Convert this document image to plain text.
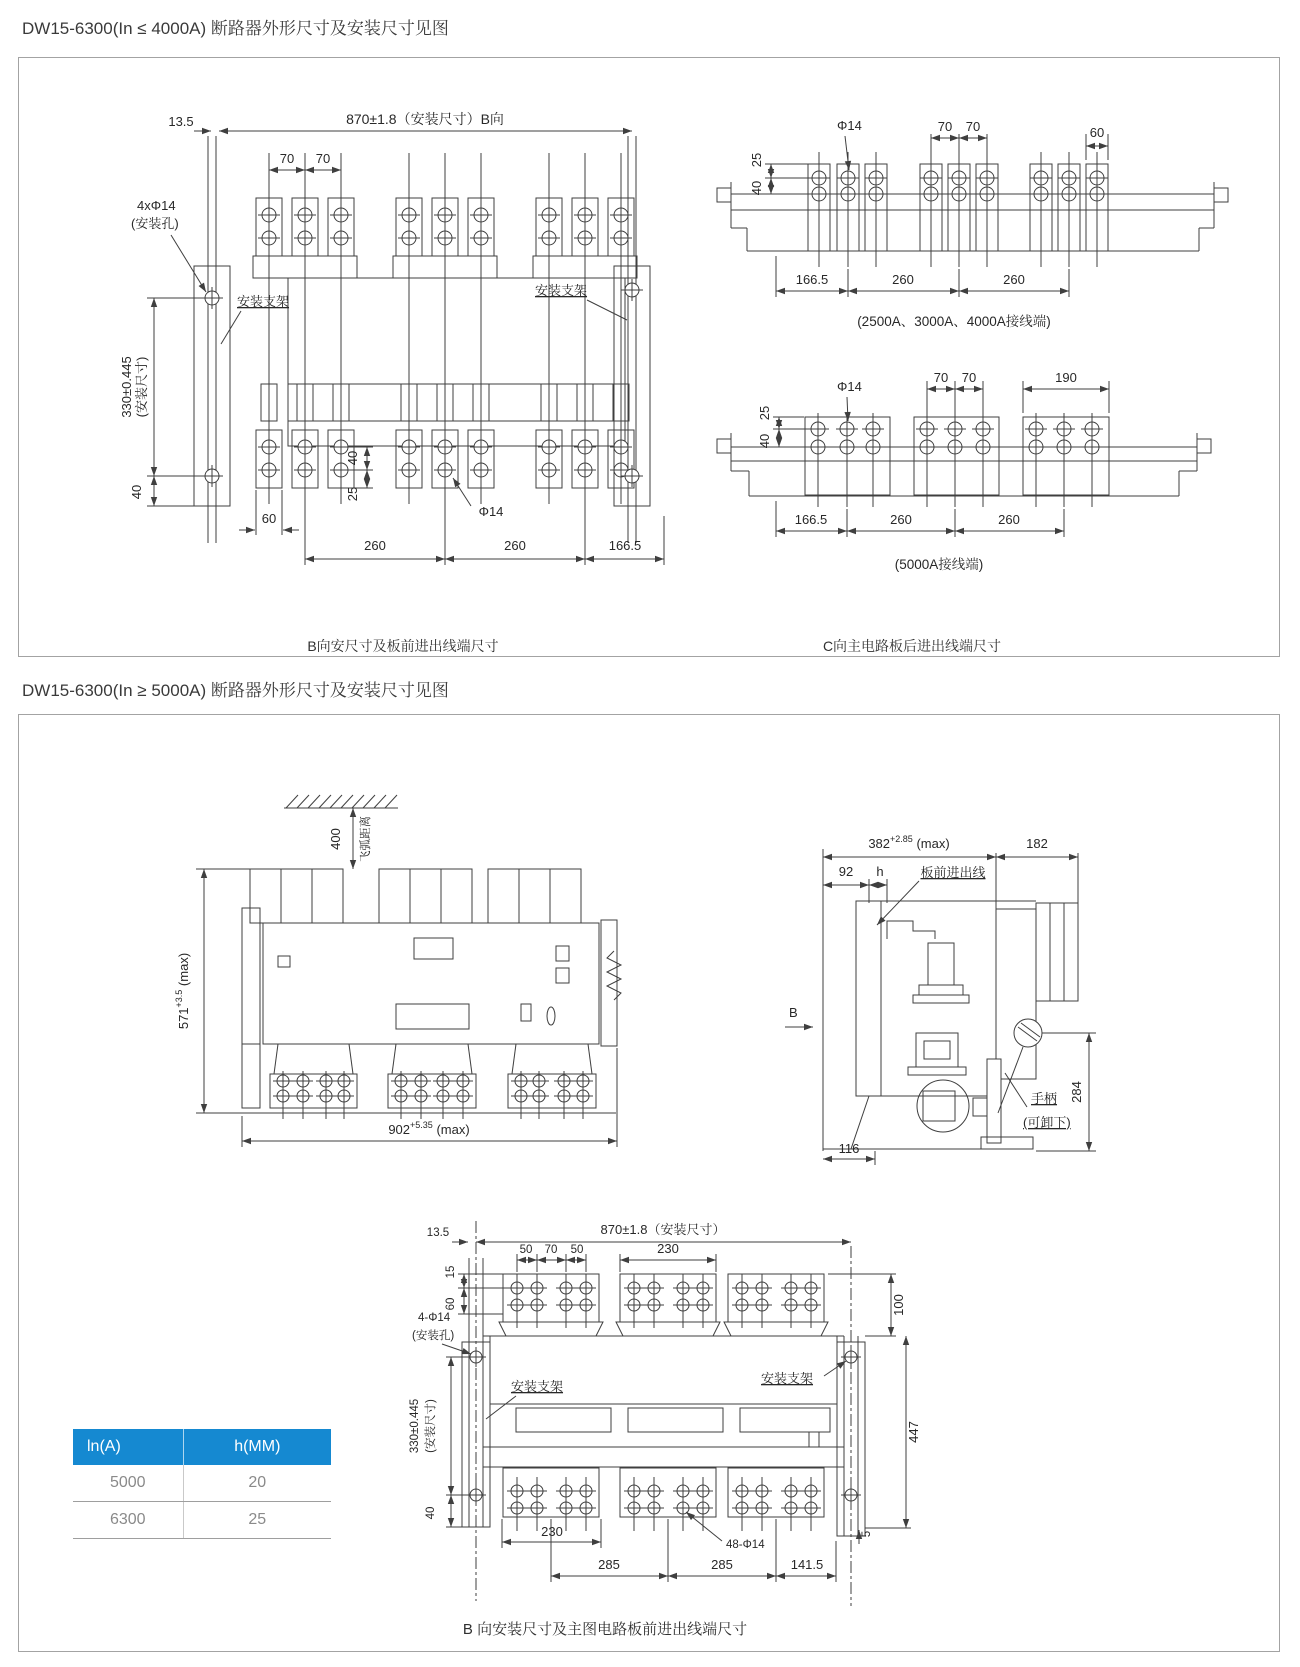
DW15-6300(In ≤ 4000A) 断路器外形尺寸及安装尺寸见图
13.5	870±1.8（安装尺寸）B向
70 70
4xΦ14
(安装孔)
安装支架
安装支架
330±0.445 (安装尺寸)
40
60
40
25
Φ14
260	260	166.5
25
40
Φ14	70 70	60
166.5	260	260
(2500A、3000A、4000A接线端)
25
40
Φ14
70 70	190
166.5	260	260
(5000A接线端)
B向安尺寸及板前进出线端尺寸	C向主电路板后进出线端尺寸
DW15-6300(In ≥ 5000A) 断路器外形尺寸及安装尺寸见图
400 飞弧距离
$571^{+3.5}$ (max)
$902^{+5.35}$ (max)
$382^{+2.85}$ (max)	182
92 h	板前进出线
B
手柄
(可卸下)
284
116
13.5	870±1.8（安装尺寸）
15
60
50 70 50	230
100
447
4-Φ14
(安装孔)
安装支架
安装支架
330±0.445 (安装尺寸)
40
230
48-Φ14
5
285	285	141.5
ln(A)	h(MM)
5000	20
6300	25
B 向安装尺寸及主图电路板前进出线端尺寸
